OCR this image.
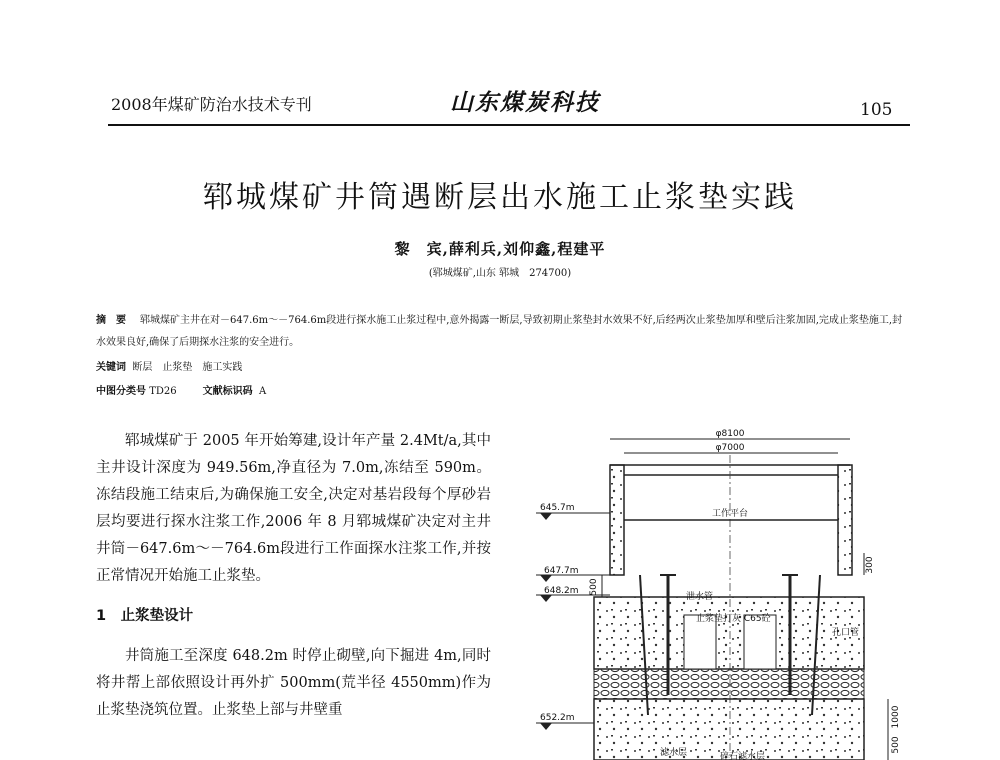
2008年煤矿防治水技术专刊	山东煤炭科技	105
郓城煤矿井筒遇断层出水施工止浆垫实践
黎　宾,薛利兵,刘仰鑫,程建平
(郓城煤矿,山东 郓城　274700)
摘　要 郓城煤矿主井在对－647.6m～－764.6m段进行探水施工止浆过程中,意外揭露一断层,导致初期止浆垫封水效果不好,后经两次止浆垫加厚和壁后注浆加固,完成止浆垫施工,封水效果良好,确保了后期探水注浆的安全进行。
关键词 断层　止浆垫　施工实践
中图分类号 TD26	文献标识码 A

郓城煤矿于 2005 年开始筹建,设计年产量 2.4Mt/a,其中主井设计深度为 949.56m,净直径为 7.0m,冻结至 590m。冻结段施工结束后,为确保施工安全,决定对基岩段每个厚砂岩层均要进行探水注浆工作,2006 年 8 月郓城煤矿决定对主井井筒－647.6m～－764.6m段进行工作面探水注浆工作,并按正常情况开始施工止浆垫。

1　止浆垫设计

井筒施工至深度 648.2m 时停止砌壁,向下掘进 4m,同时将井帮上部依照设计再外扩 500mm(荒半径 4550mm)作为止浆垫浇筑位置。止浆垫上部与井壁重

φ8100
φ7000
工作平台
645.7m
647.7m
648.2m
652.2m
500
300
泄水管
止浆垫打灰 C65砼
孔口管
滤水层	碎石滤水层
1000
500
